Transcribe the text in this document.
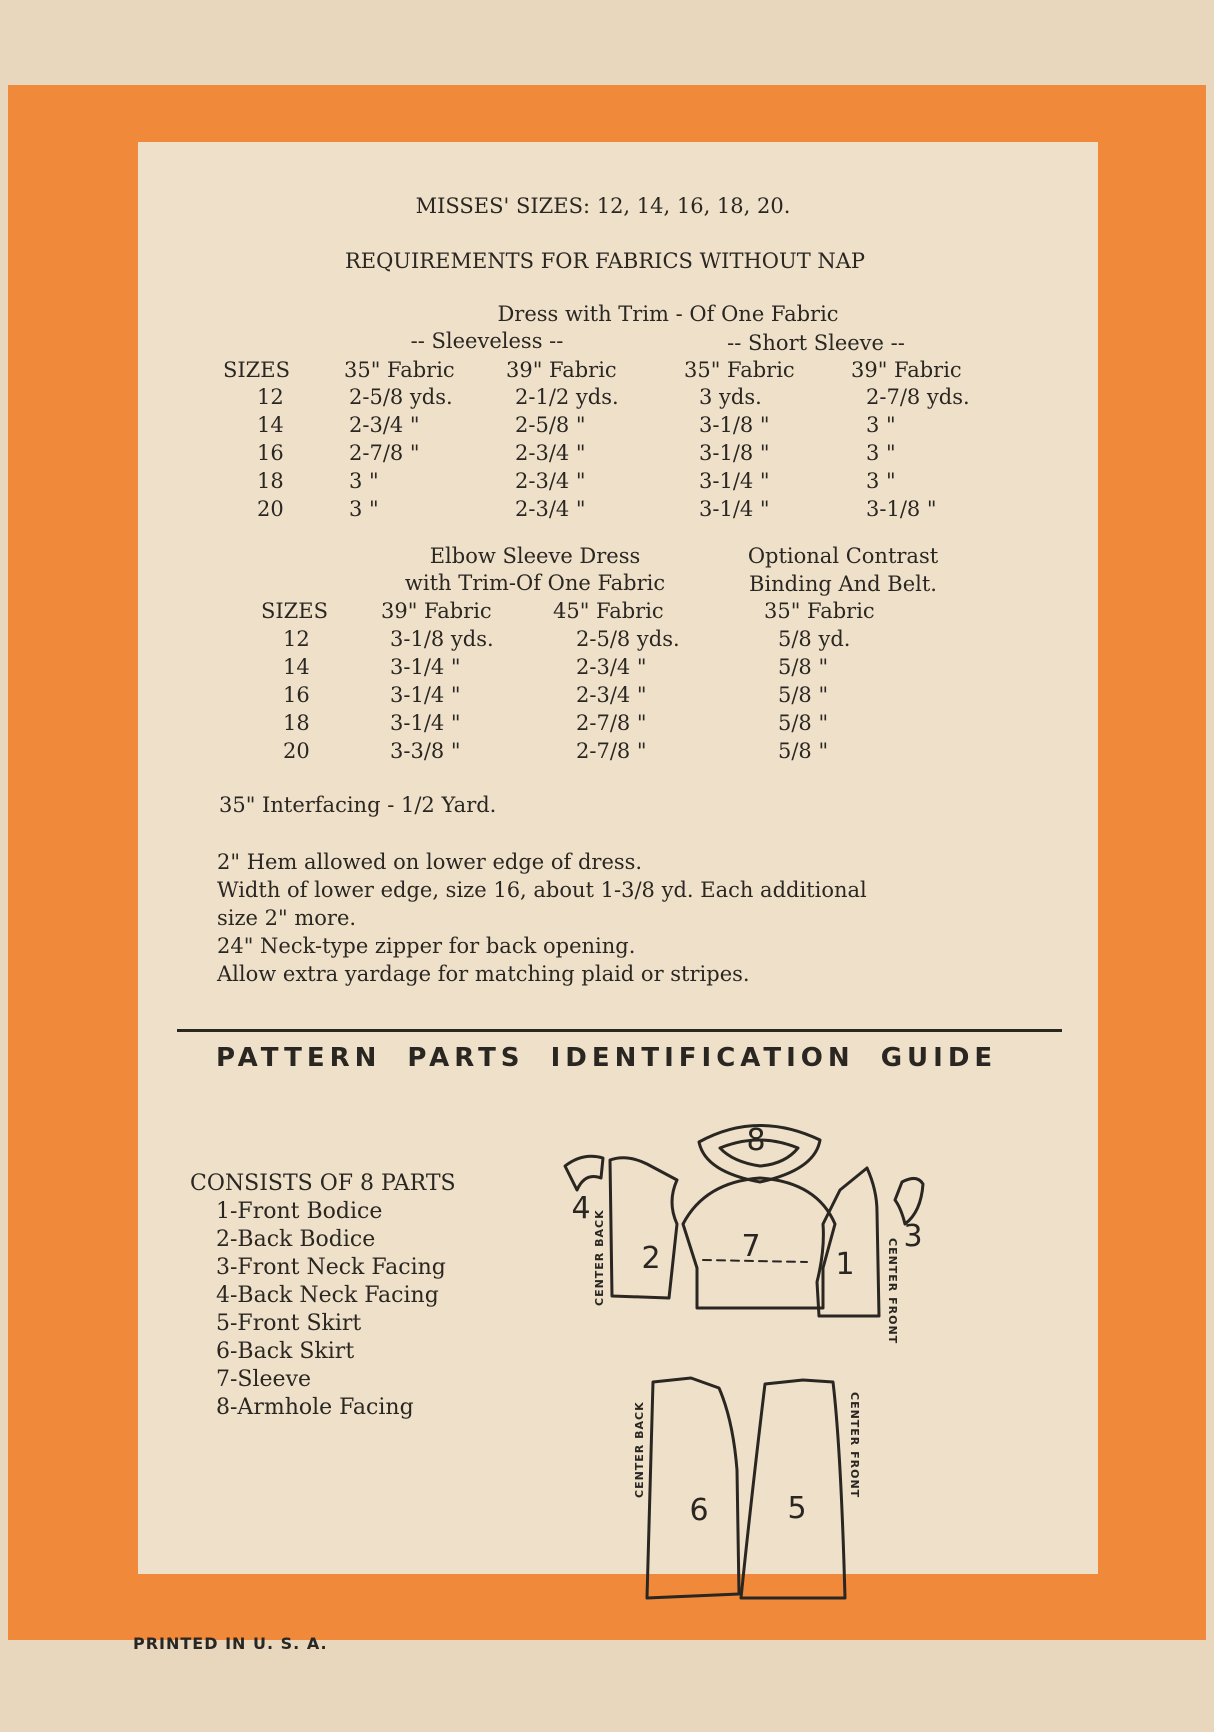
MISSES' SIZES: 12, 14, 16, 18, 20.
REQUIREMENTS FOR FABRICS WITHOUT NAP
Dress with Trim - Of One Fabric
-- Sleeveless --	-- Short Sleeve --
SIZES	35" Fabric 39" Fabric	35" Fabric	39" Fabric
12	2-5/8 yds.	2-1/2 yds.	3 yds.	2-7/8 yds.
14	2-3/4 "	2-5/8 "	3-1/8 "	3 "
16	2-7/8 "	2-3/4 "	3-1/8 "	3 "
18	3 "	2-3/4 "	3-1/4 "	3 "
20	3 "	2-3/4 "	3-1/4 "	3-1/8 "
Elbow Sleeve Dress
with Trim-Of One Fabric
Optional Contrast
Binding And Belt.
SIZES	39" Fabric	45" Fabric	35" Fabric
12	3-1/8 yds.	2-5/8 yds.	5/8 yd.
14	3-1/4 "	2-3/4 "	5/8 "
16	3-1/4 "	2-3/4 "	5/8 "
18	3-1/4 "	2-7/8 "	5/8 "
20	3-3/8 "	2-7/8 "	5/8 "
35" Interfacing - 1/2 Yard.
2" Hem allowed on lower edge of dress.
Width of lower edge, size 16, about 1-3/8 yd. Each additional
size 2" more.
24" Neck-type zipper for back opening.
Allow extra yardage for matching plaid or stripes.
PATTERN PARTS IDENTIFICATION GUIDE
CONSISTS OF 8 PARTS
1-Front Bodice
2-Back Bodice
3-Front Neck Facing
4-Back Neck Facing
5-Front Skirt
6-Back Skirt
7-Sleeve
8-Armhole Facing
8
4
2	7
1
3
6	5
CENTER BACK	CENTER FRONT
CENTER BACK	CENTER FRONT
PRINTED IN U. S. A.
